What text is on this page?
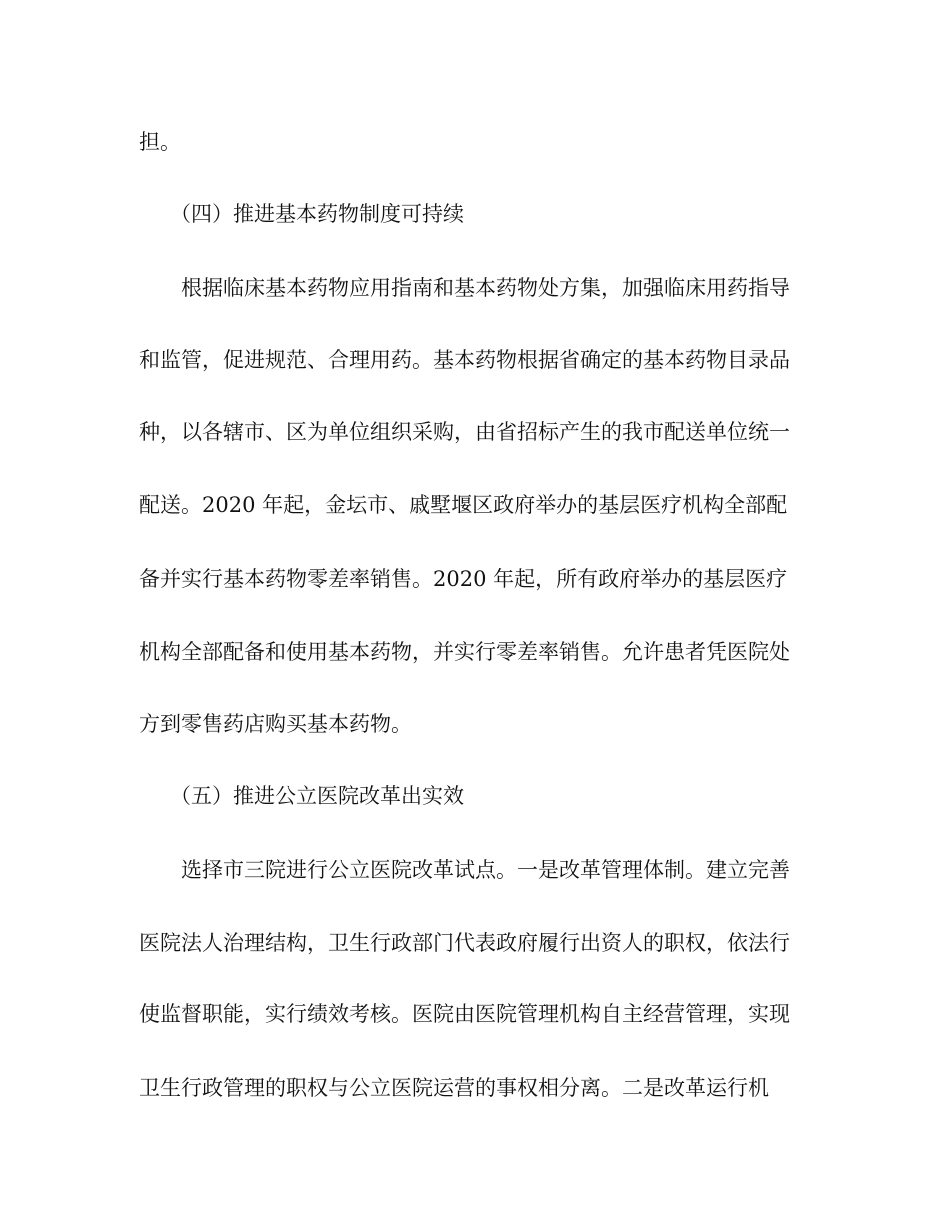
担。
（四）推进基本药物制度可持续
根据临床基本药物应用指南和基本药物处方集，加强临床用药指导
和监管，促进规范、合理用药。基本药物根据省确定的基本药物目录品
种，以各辖市、区为单位组织采购，由省招标产生的我市配送单位统一
配送。2020 年起，金坛市、戚墅堰区政府举办的基层医疗机构全部配
备并实行基本药物零差率销售。2020 年起，所有政府举办的基层医疗
机构全部配备和使用基本药物，并实行零差率销售。允许患者凭医院处
方到零售药店购买基本药物。
（五）推进公立医院改革出实效
选择市三院进行公立医院改革试点。一是改革管理体制。建立完善
医院法人治理结构，卫生行政部门代表政府履行出资人的职权，依法行
使监督职能，实行绩效考核。医院由医院管理机构自主经营管理，实现
卫生行政管理的职权与公立医院运营的事权相分离。二是改革运行机
